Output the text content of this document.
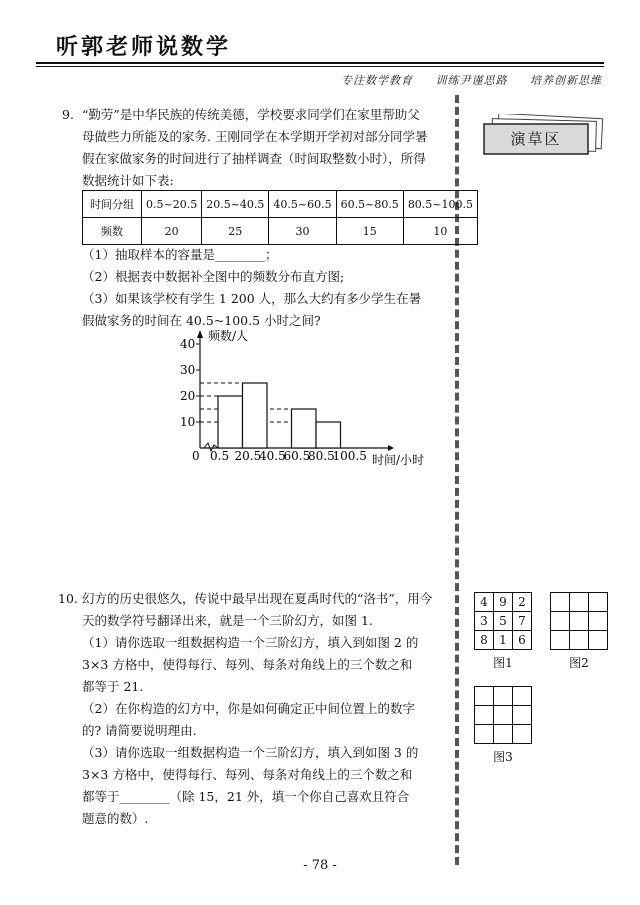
听郭老师说数学
专注数学教育 训练尹谨思路 培养创新思维
演草区
9. “勤劳”是中华民族的传统美德，学校要求同学们在家里帮助父
母做些力所能及的家务. 王刚同学在本学期开学初对部分同学暑
假在家做家务的时间进行了抽样调查（时间取整数小时），所得
数据统计如下表:
时间分组	0.5~20.5	20.5~40.5	40.5~60.5	60.5~80.5	80.5~100.5
频数	20	25	30	15	10
（1）抽取样本的容量是________；
（2）根据表中数据补全图中的频数分布直方图;
（3）如果该学校有学生 1 200 人，那么大约有多少学生在暑
假做家务的时间在 40.5~100.5 小时之间?
10
20
30
40
0.5 20.5
40.5
60.5
80.5
100.5
频数/人
时间/小时
0
10. 幻方的历史很悠久，传说中最早出现在夏禹时代的“洛书”，用今
天的数学符号翻译出来，就是一个三阶幻方，如图 1.
（1）请你选取一组数据构造一个三阶幻方，填入到如图 2 的
3×3 方格中，使得每行、每列、每条对角线上的三个数之和
都等于 21.
（2）在你构造的幻方中，你是如何确定正中间位置上的数字
的? 请简要说明理由.
（3）请你选取一组数据构造一个三阶幻方，填入到如图 3 的
3×3 方格中，使得每行、每列、每条对角线上的三个数之和
都等于________（除 15，21 外，填一个你自己喜欢且符合
题意的数）.
4	9	2
3	5	7
8	1	6
图1

			图2

图3
- 78 -
